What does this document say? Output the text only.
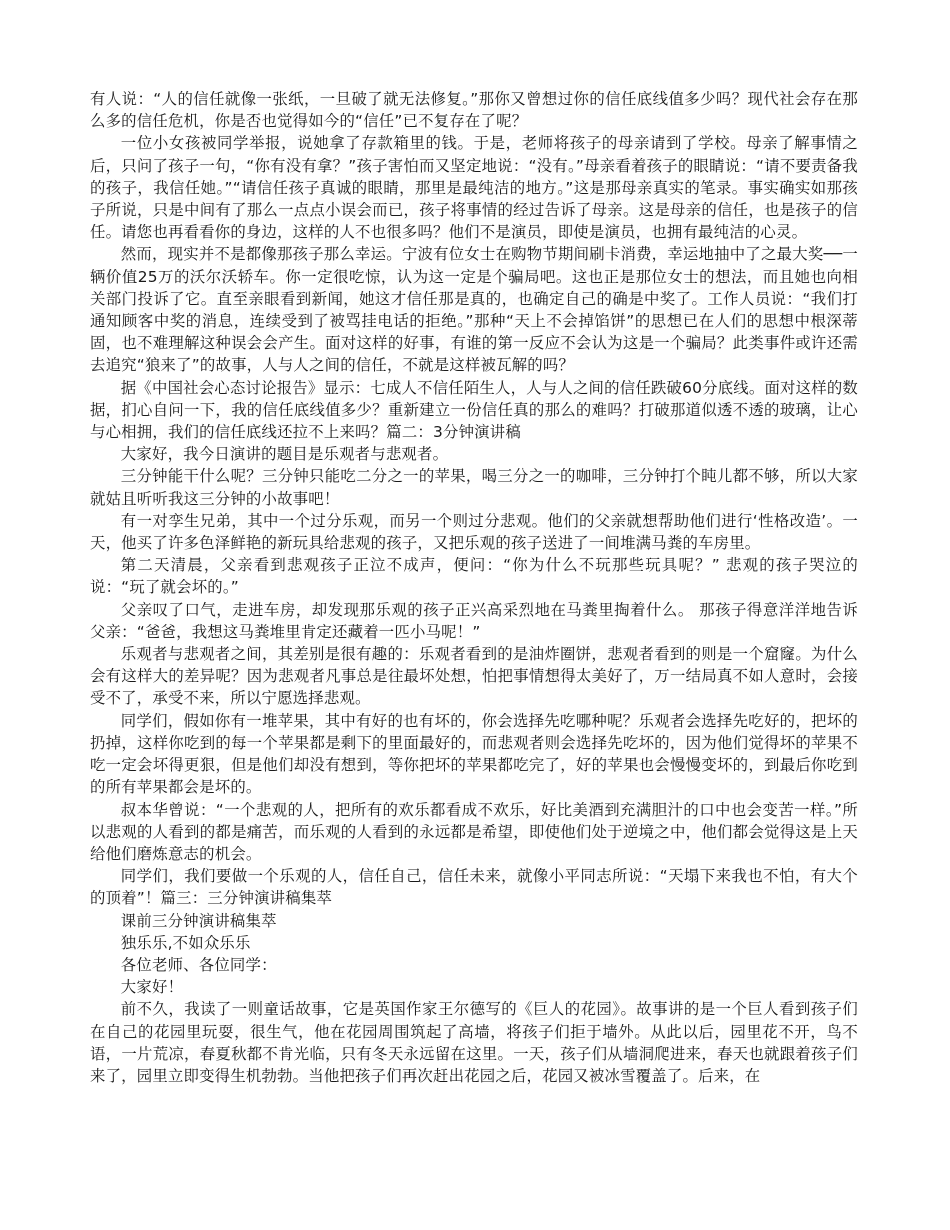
有人说：“人的信任就像一张纸，一旦破了就无法修复。”那你又曾想过你的信任底线值多少吗？现代社会存在那么多的信任危机，你是否也觉得如今的“信任”已不复存在了呢？

一位小女孩被同学举报，说她拿了存款箱里的钱。于是，老师将孩子的母亲请到了学校。母亲了解事情之后，只问了孩子一句，“你有没有拿？”孩子害怕而又坚定地说：“没有。”母亲看着孩子的眼睛说：“请不要责备我的孩子，我信任她。”“请信任孩子真诚的眼睛，那里是最纯洁的地方。”这是那母亲真实的笔录。事实确实如那孩子所说，只是中间有了那么一点点小误会而已，孩子将事情的经过告诉了母亲。这是母亲的信任，也是孩子的信任。请您也再看看你的身边，这样的人不也很多吗？他们不是演员，即使是演员，也拥有最纯洁的心灵。

然而，现实并不是都像那孩子那么幸运。宁波有位女士在购物节期间刷卡消费，幸运地抽中了之最大奖──一辆价值25万的沃尔沃轿车。你一定很吃惊，认为这一定是个骗局吧。这也正是那位女士的想法，而且她也向相关部门投诉了它。直至亲眼看到新闻，她这才信任那是真的，也确定自己的确是中奖了。工作人员说：“我们打通知顾客中奖的消息，连续受到了被骂挂电话的拒绝。”那种“天上不会掉馅饼”的思想已在人们的思想中根深蒂固，也不难理解这种误会会产生。面对这样的好事，有谁的第一反应不会认为这是一个骗局？此类事件或许还需去追究“狼来了”的故事，人与人之间的信任，不就是这样被瓦解的吗？

据《中国社会心态讨论报告》显示：七成人不信任陌生人，人与人之间的信任跌破60分底线。面对这样的数据，扪心自问一下，我的信任底线值多少？重新建立一份信任真的那么的难吗？打破那道似透不透的玻璃，让心与心相拥，我们的信任底线还拉不上来吗？篇二：3分钟演讲稿

大家好，我今日演讲的题目是乐观者与悲观者。

三分钟能干什么呢？三分钟只能吃二分之一的苹果，喝三分之一的咖啡，三分钟打个盹儿都不够，所以大家就姑且听听我这三分钟的小故事吧！

有一对孪生兄弟，其中一个过分乐观，而另一个则过分悲观。他们的父亲就想帮助他们进行‘性格改造’。一天，他买了许多色泽鲜艳的新玩具给悲观的孩子，又把乐观的孩子送进了一间堆满马粪的车房里。

第二天清晨，父亲看到悲观孩子正泣不成声，便问：“你为什么不玩那些玩具呢？” 悲观的孩子哭泣的说：“玩了就会坏的。”

父亲叹了口气，走进车房，却发现那乐观的孩子正兴高采烈地在马粪里掏着什么。 那孩子得意洋洋地告诉父亲：“爸爸，我想这马粪堆里肯定还藏着一匹小马呢！”

乐观者与悲观者之间，其差别是很有趣的：乐观者看到的是油炸圈饼，悲观者看到的则是一个窟窿。为什么会有这样大的差异呢？因为悲观者凡事总是往最坏处想，怕把事情想得太美好了，万一结局真不如人意时，会接受不了，承受不来，所以宁愿选择悲观。

同学们，假如你有一堆苹果，其中有好的也有坏的，你会选择先吃哪种呢？乐观者会选择先吃好的，把坏的扔掉，这样你吃到的每一个苹果都是剩下的里面最好的，而悲观者则会选择先吃坏的，因为他们觉得坏的苹果不吃一定会坏得更狠，但是他们却没有想到，等你把坏的苹果都吃完了，好的苹果也会慢慢变坏的，到最后你吃到的所有苹果都会是坏的。

叔本华曾说：“一个悲观的人，把所有的欢乐都看成不欢乐，好比美酒到充满胆汁的口中也会变苦一样。”所以悲观的人看到的都是痛苦，而乐观的人看到的永远都是希望，即使他们处于逆境之中，他们都会觉得这是上天给他们磨炼意志的机会。

同学们，我们要做一个乐观的人，信任自己，信任未来，就像小平同志所说：“天塌下来我也不怕，有大个的顶着”！篇三：三分钟演讲稿集萃

课前三分钟演讲稿集萃

独乐乐,不如众乐乐

各位老师、各位同学：

大家好！

前不久，我读了一则童话故事，它是英国作家王尔德写的《巨人的花园》。故事讲的是一个巨人看到孩子们在自己的花园里玩耍，很生气，他在花园周围筑起了高墙，将孩子们拒于墙外。从此以后，园里花不开，鸟不语，一片荒凉，春夏秋都不肯光临，只有冬天永远留在这里。一天，孩子们从墙洞爬进来，春天也就跟着孩子们来了，园里立即变得生机勃勃。当他把孩子们再次赶出花园之后，花园又被冰雪覆盖了。后来，在
